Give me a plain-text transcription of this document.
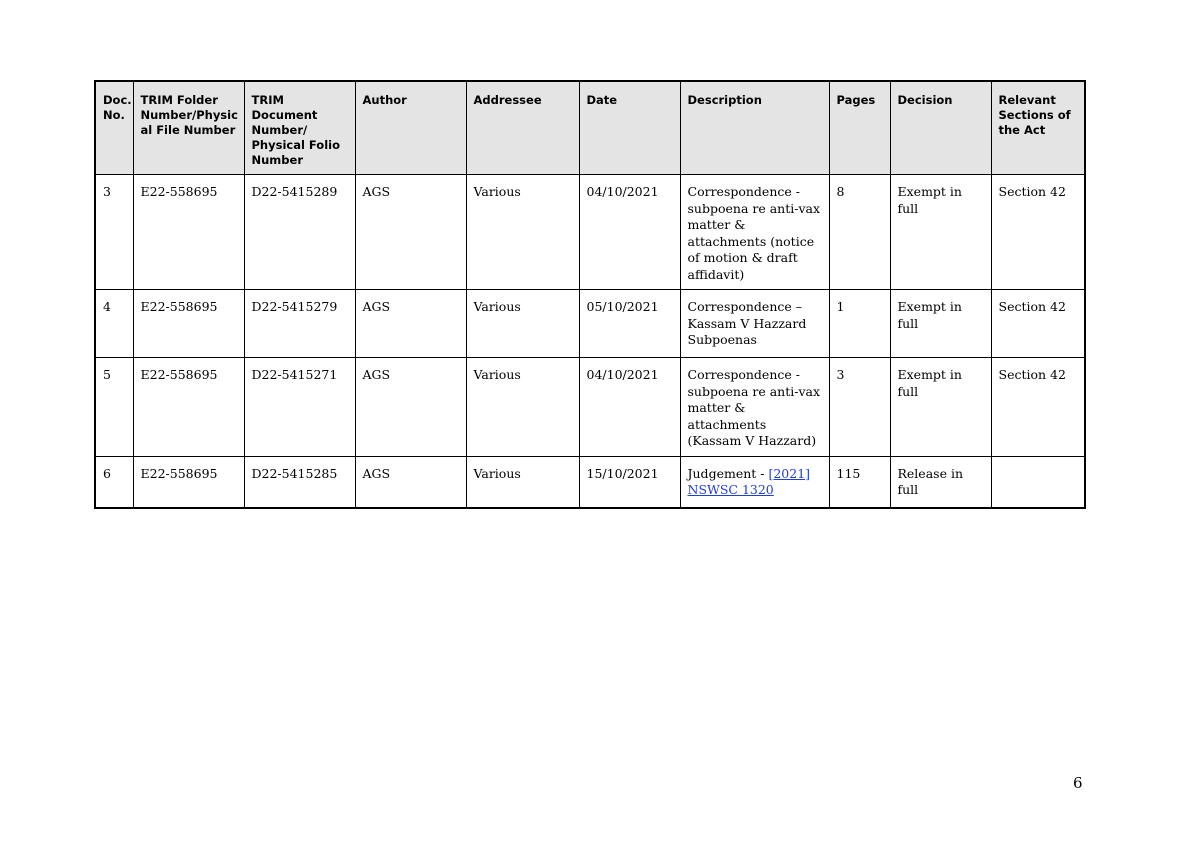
Doc. No.	TRIM Folder Number/Physic al File Number	TRIM Document Number/ Physical Folio Number	Author	Addressee	Date	Description	Pages	Decision	Relevant Sections of the Act
3	E22-558695	D22-5415289	AGS	Various	04/10/2021	Correspondence - subpoena re anti-vax matter & attachments (notice of motion & draft affidavit)	8	Exempt in full	Section 42
4	E22-558695	D22-5415279	AGS	Various	05/10/2021	Correspondence – Kassam V Hazzard Subpoenas	1	Exempt in full	Section 42
5	E22-558695	D22-5415271	AGS	Various	04/10/2021	Correspondence - subpoena re anti-vax matter & attachments (Kassam V Hazzard)	3	Exempt in full	Section 42
6	E22-558695	D22-5415285	AGS	Various	15/10/2021	Judgement - [2021] NSWSC 1320	115	Release in full	
6
